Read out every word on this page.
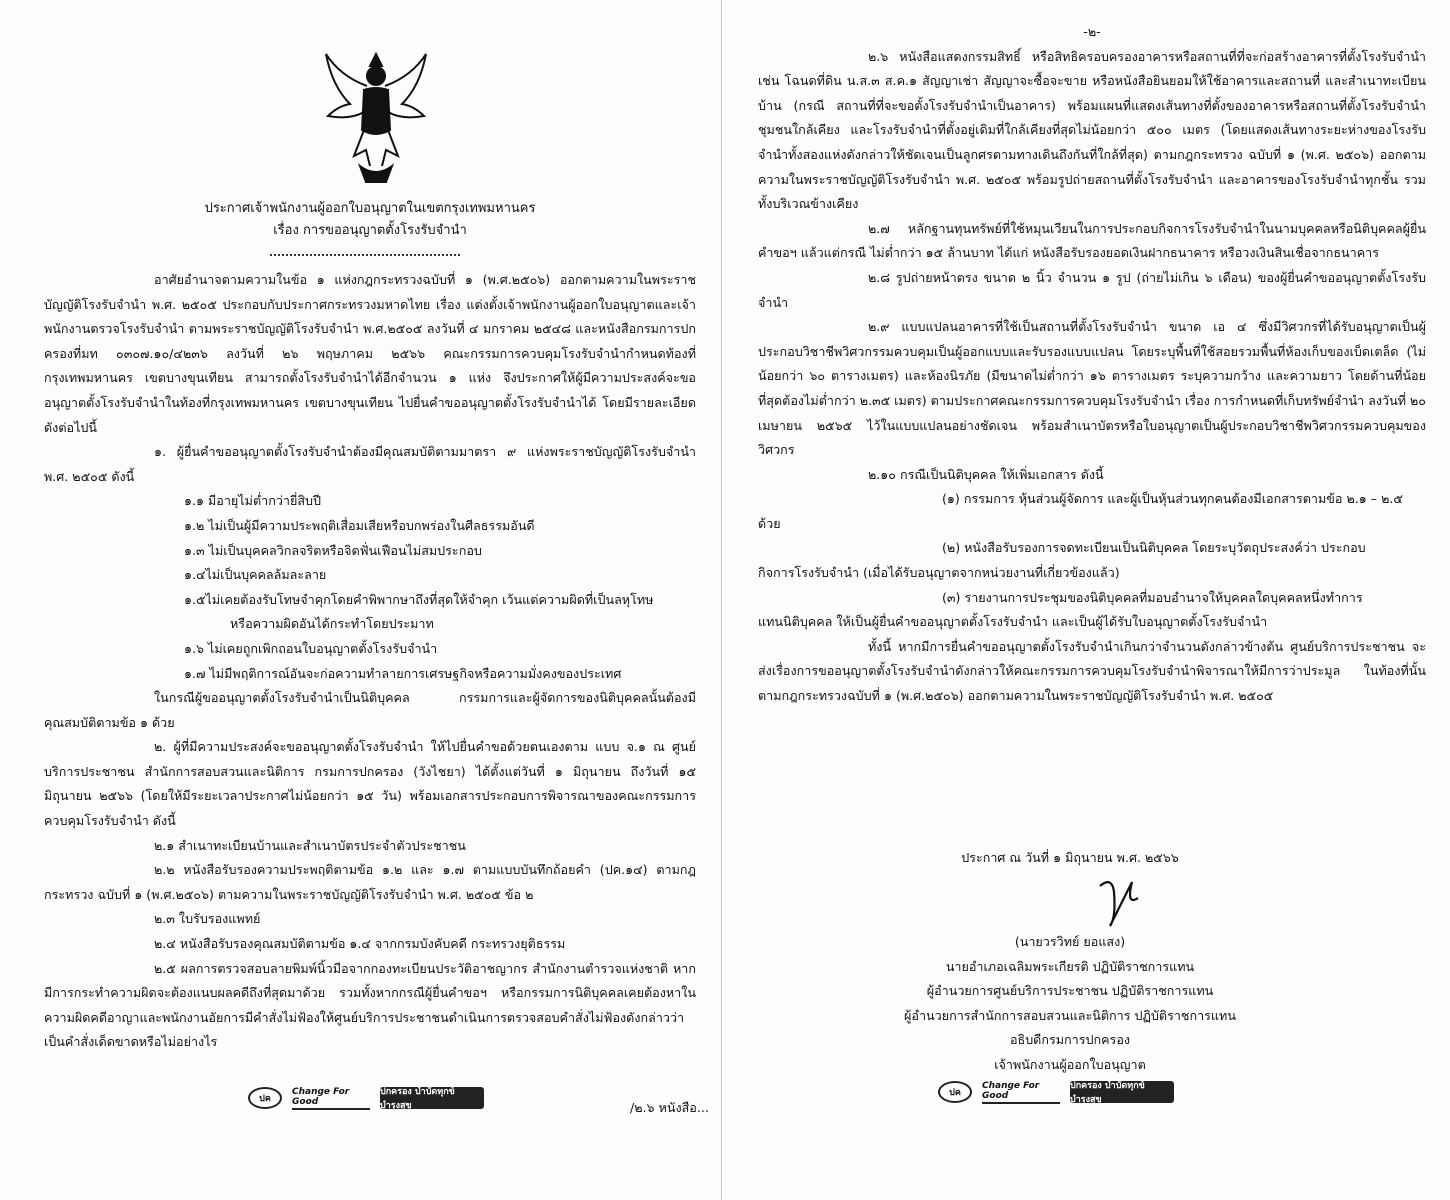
ประกาศเจ้าพนักงานผู้ออกใบอนุญาตในเขตกรุงเทพมหานคร
เรื่อง การขออนุญาตตั้งโรงรับจำนำ

อาศัยอำนาจตามความในข้อ ๑ แห่งกฎกระทรวงฉบับที่ ๑ (พ.ศ.๒๕๐๖) ออกตามความในพระราชบัญญัติโรงรับจำนำ พ.ศ. ๒๕๐๕ ประกอบกับประกาศกระทรวงมหาดไทย เรื่อง แต่งตั้งเจ้าพนักงานผู้ออกใบอนุญาตและเจ้าพนักงานตรวจโรงรับจำนำ ตามพระราชบัญญัติโรงรับจำนำ พ.ศ.๒๕๐๕ ลงวันที่ ๔ มกราคม ๒๕๔๘ และหนังสือกรมการปกครองที่มท ๐๓๐๗.๑๐/๔๒๓๖ ลงวันที่ ๒๖ พฤษภาคม ๒๕๖๖ คณะกรรมการควบคุมโรงรับจำนำกำหนดท้องที่กรุงเทพมหานคร เขตบางขุนเทียน สามารถตั้งโรงรับจำนำได้อีกจำนวน ๑ แห่ง จึงประกาศให้ผู้มีความประสงค์จะขออนุญาตตั้งโรงรับจำนำในท้องที่กรุงเทพมหานคร เขตบางขุนเทียน ไปยื่นคำขออนุญาตตั้งโรงรับจำนำได้ โดยมีรายละเอียดดังต่อไปนี้

๑. ผู้ยื่นคำขออนุญาตตั้งโรงรับจำนำต้องมีคุณสมบัติตามมาตรา ๙ แห่งพระราชบัญญัติโรงรับจำนำ พ.ศ. ๒๕๐๕ ดังนี้

๑.๑ มีอายุไม่ต่ำกว่ายี่สิบปี

๑.๒ ไม่เป็นผู้มีความประพฤติเสื่อมเสียหรือบกพร่องในศีลธรรมอันดี

๑.๓ ไม่เป็นบุคคลวิกลจริตหรือจิตฟั่นเฟือนไม่สมประกอบ

๑.๔ไม่เป็นบุคคลล้มละลาย

๑.๕ไม่เคยต้องรับโทษจำคุกโดยคำพิพากษาถึงที่สุดให้จำคุก เว้นแต่ความผิดที่เป็นลหุโทษ

หรือความผิดอันได้กระทำโดยประมาท

๑.๖ ไม่เคยถูกเพิกถอนใบอนุญาตตั้งโรงรับจำนำ

๑.๗ ไม่มีพฤติการณ์อันจะก่อความทำลายการเศรษฐกิจหรือความมั่งคงของประเทศ

ในกรณีผู้ขออนุญาตตั้งโรงรับจำนำเป็นนิติบุคคล กรรมการและผู้จัดการของนิติบุคคลนั้นต้องมีคุณสมบัติตามข้อ ๑ ด้วย

๒. ผู้ที่มีความประสงค์จะขออนุญาตตั้งโรงรับจำนำ ให้ไปยื่นคำขอด้วยตนเองตาม แบบ จ.๑ ณ ศูนย์บริการประชาชน สำนักการสอบสวนและนิติการ กรมการปกครอง (วังไชยา) ได้ตั้งแต่วันที่ ๑ มิถุนายน ถึงวันที่ ๑๕ มิถุนายน ๒๕๖๖ (โดยให้มีระยะเวลาประกาศไม่น้อยกว่า ๑๕ วัน) พร้อมเอกสารประกอบการพิจารณาของคณะกรรมการควบคุมโรงรับจำนำ ดังนี้

๒.๑ สำเนาทะเบียนบ้านและสำเนาบัตรประจำตัวประชาชน

๒.๒ หนังสือรับรองความประพฤติตามข้อ ๑.๒ และ ๑.๗ ตามแบบบันทึกถ้อยคำ (ปค.๑๔) ตามกฎกระทรวง ฉบับที่ ๑ (พ.ศ.๒๕๐๖) ตามความในพระราชบัญญัติโรงรับจำนำ พ.ศ. ๒๕๐๕ ข้อ ๒

๒.๓ ใบรับรองแพทย์

๒.๔ หนังสือรับรองคุณสมบัติตามข้อ ๑.๔ จากกรมบังคับคดี กระทรวงยุติธรรม

๒.๕ ผลการตรวจสอบลายพิมพ์นิ้วมือจากกองทะเบียนประวัติอาชญากร สำนักงานตำรวจแห่งชาติ หากมีการกระทำความผิดจะต้องแนบผลคดีถึงที่สุดมาด้วย รวมทั้งหากกรณีผู้ยื่นคำขอฯ หรือกรรมการนิติบุคคลเคยต้องหาในความผิดคดีอาญาและพนักงานอัยการมีคำสั่งไม่ฟ้องให้ศูนย์บริการประชาชนดำเนินการตรวจสอบคำสั่งไม่ฟ้องดังกล่าวว่าเป็นคำสั่งเด็ดขาดหรือไม่อย่างไร

ปค
Change For Good
ปกครอง บำบัดทุกข์ บำรุงสุข	/๒.๖ หนังสือ...

-๒-

๒.๖ หนังสือแสดงกรรมสิทธิ์ หรือสิทธิครอบครองอาคารหรือสถานที่ที่จะก่อสร้างอาคารที่ตั้งโรงรับจำนำ เช่น โฉนดที่ดิน น.ส.๓ ส.ค.๑ สัญญาเช่า สัญญาจะซื้อจะขาย หรือหนังสือยินยอมให้ใช้อาคารและสถานที่ และสำเนาทะเบียนบ้าน (กรณี สถานที่ที่จะขอตั้งโรงรับจำนำเป็นอาคาร) พร้อมแผนที่แสดงเส้นทางที่ตั้งของอาคารหรือสถานที่ตั้งโรงรับจำนำ ชุมชนใกล้เคียง และโรงรับจำนำที่ตั้งอยู่เดิมที่ใกล้เคียงที่สุดไม่น้อยกว่า ๕๐๐ เมตร (โดยแสดงเส้นทางระยะห่างของโรงรับจำนำทั้งสองแห่งดังกล่าวให้ชัดเจนเป็นลูกศรตามทางเดินถึงกันที่ใกล้ที่สุด) ตามกฎกระทรวง ฉบับที่ ๑ (พ.ศ. ๒๕๐๖) ออกตามความในพระราชบัญญัติโรงรับจำนำ พ.ศ. ๒๕๐๕ พร้อมรูปถ่ายสถานที่ตั้งโรงรับจำนำ และอาคารของโรงรับจำนำทุกชั้น รวมทั้งบริเวณข้างเคียง

๒.๗ หลักฐานทุนทรัพย์ที่ใช้หมุนเวียนในการประกอบกิจการโรงรับจำนำในนามบุคคลหรือนิติบุคคลผู้ยื่นคำขอฯ แล้วแต่กรณี ไม่ต่ำกว่า ๑๕ ล้านบาท ได้แก่ หนังสือรับรองยอดเงินฝากธนาคาร หรือวงเงินสินเชื่อจากธนาคาร

๒.๘ รูปถ่ายหน้าตรง ขนาด ๒ นิ้ว จำนวน ๑ รูป (ถ่ายไม่เกิน ๖ เดือน) ของผู้ยื่นคำขออนุญาตตั้งโรงรับจำนำ

๒.๙ แบบแปลนอาคารที่ใช้เป็นสถานที่ตั้งโรงรับจำนำ ขนาด เอ ๔ ซึ่งมีวิศวกรที่ได้รับอนุญาตเป็นผู้ประกอบวิชาชีพวิศวกรรมควบคุมเป็นผู้ออกแบบและรับรองแบบแปลน โดยระบุพื้นที่ใช้สอยรวมพื้นที่ห้องเก็บของเบ็ดเตล็ด (ไม่น้อยกว่า ๖๐ ตารางเมตร) และห้องนิรภัย (มีขนาดไม่ต่ำกว่า ๑๖ ตารางเมตร ระบุความกว้าง และความยาว โดยด้านที่น้อยที่สุดต้องไม่ต่ำกว่า ๒.๓๕ เมตร) ตามประกาศคณะกรรมการควบคุมโรงรับจำนำ เรื่อง การกำหนดที่เก็บทรัพย์จำนำ ลงวันที่ ๒๐ เมษายน ๒๕๖๕ ไว้ในแบบแปลนอย่างชัดเจน พร้อมสำเนาบัตรหรือใบอนุญาตเป็นผู้ประกอบวิชาชีพวิศวกรรมควบคุมของวิศวกร

๒.๑๐ กรณีเป็นนิติบุคคล ให้เพิ่มเอกสาร ดังนี้

(๑) กรรมการ หุ้นส่วนผู้จัดการ และผู้เป็นหุ้นส่วนทุกคนต้องมีเอกสารตามข้อ ๒.๑ – ๒.๕

ด้วย

(๒) หนังสือรับรองการจดทะเบียนเป็นนิติบุคคล โดยระบุวัตถุประสงค์ว่า ประกอบ

กิจการโรงรับจำนำ (เมื่อได้รับอนุญาตจากหน่วยงานที่เกี่ยวข้องแล้ว)

(๓) รายงานการประชุมของนิติบุคคลที่มอบอำนาจให้บุคคลใดบุคคลหนึ่งทำการ

แทนนิติบุคคล ให้เป็นผู้ยื่นคำขออนุญาตตั้งโรงรับจำนำ และเป็นผู้ได้รับใบอนุญาตตั้งโรงรับจำนำ

ทั้งนี้ หากมีการยื่นคำขออนุญาตตั้งโรงรับจำนำเกินกว่าจำนวนดังกล่าวข้างต้น ศูนย์บริการประชาชน จะส่งเรื่องการขออนุญาตตั้งโรงรับจำนำดังกล่าวให้คณะกรรมการควบคุมโรงรับจำนำพิจารณาให้มีการว่าประมูล ในท้องที่นั้นตามกฎกระทรวงฉบับที่ ๑ (พ.ศ.๒๕๐๖) ออกตามความในพระราชบัญญัติโรงรับจำนำ พ.ศ. ๒๕๐๕

ประกาศ ณ วันที่ ๑ มิถุนายน พ.ศ. ๒๕๖๖
(นายวรวิทย์ ยอแสง)
นายอำเภอเฉลิมพระเกียรติ ปฏิบัติราชการแทน
ผู้อำนวยการศูนย์บริการประชาชน ปฏิบัติราชการแทน
ผู้อำนวยการสำนักการสอบสวนและนิติการ ปฏิบัติราชการแทน
อธิบดีกรมการปกครอง
เจ้าพนักงานผู้ออกใบอนุญาต
ปค
Change For Good
ปกครอง บำบัดทุกข์ บำรุงสุข
